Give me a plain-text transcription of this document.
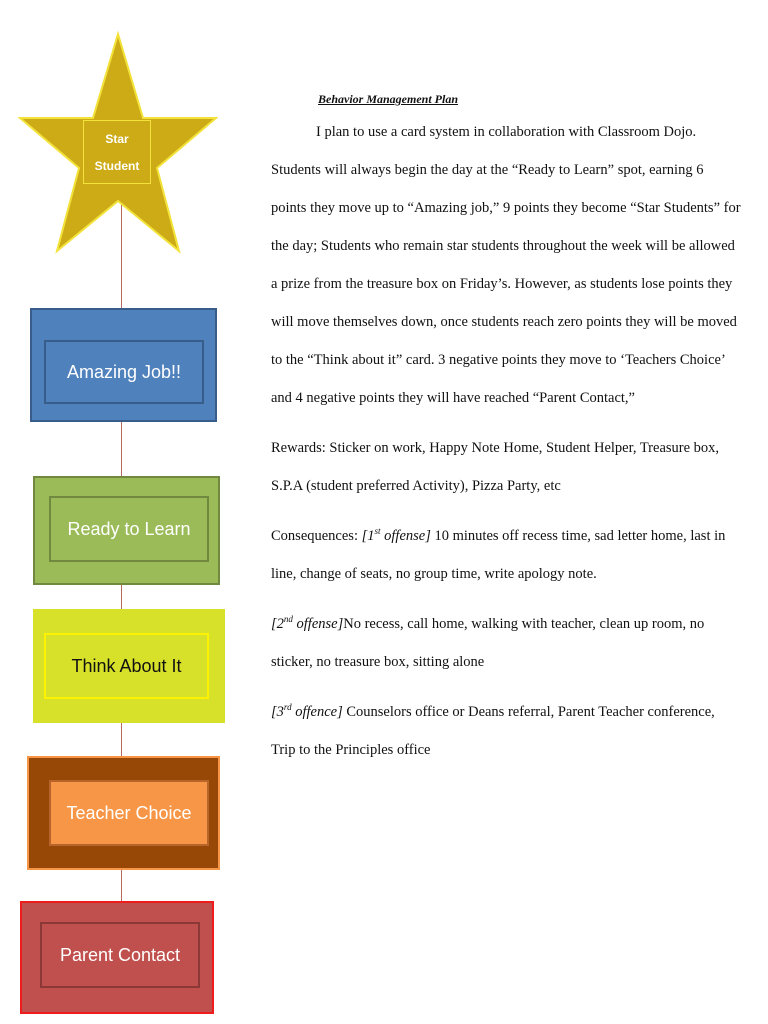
Star
Student
Amazing Job!!
Ready to Learn
Think About It
Teacher Choice
Parent Contact
Behavior Management Plan

I plan to use a card system in collaboration with Classroom Dojo. Students will always begin the day at the “Ready to Learn” spot, earning 6 points they move up to “Amazing job,” 9 points they become “Star Students” for the day; Students who remain star students throughout the week will be allowed a prize from the treasure box on Friday’s. However, as students lose points they will move themselves down, once students reach zero points they will be moved to the “Think about it” card. 3 negative points they move to ‘Teachers Choice’ and 4 negative points they will have reached “Parent Contact,”

Rewards: Sticker on work, Happy Note Home, Student Helper, Treasure box, S.P.A (student preferred Activity), Pizza Party, etc

Consequences: [1st offense] 10 minutes off recess time, sad letter home, last in line, change of seats, no group time, write apology note.

[2nd offense]No recess, call home, walking with teacher, clean up room, no sticker, no treasure box, sitting alone

[3rd offence] Counselors office or Deans referral, Parent Teacher conference, Trip to the Principles office
